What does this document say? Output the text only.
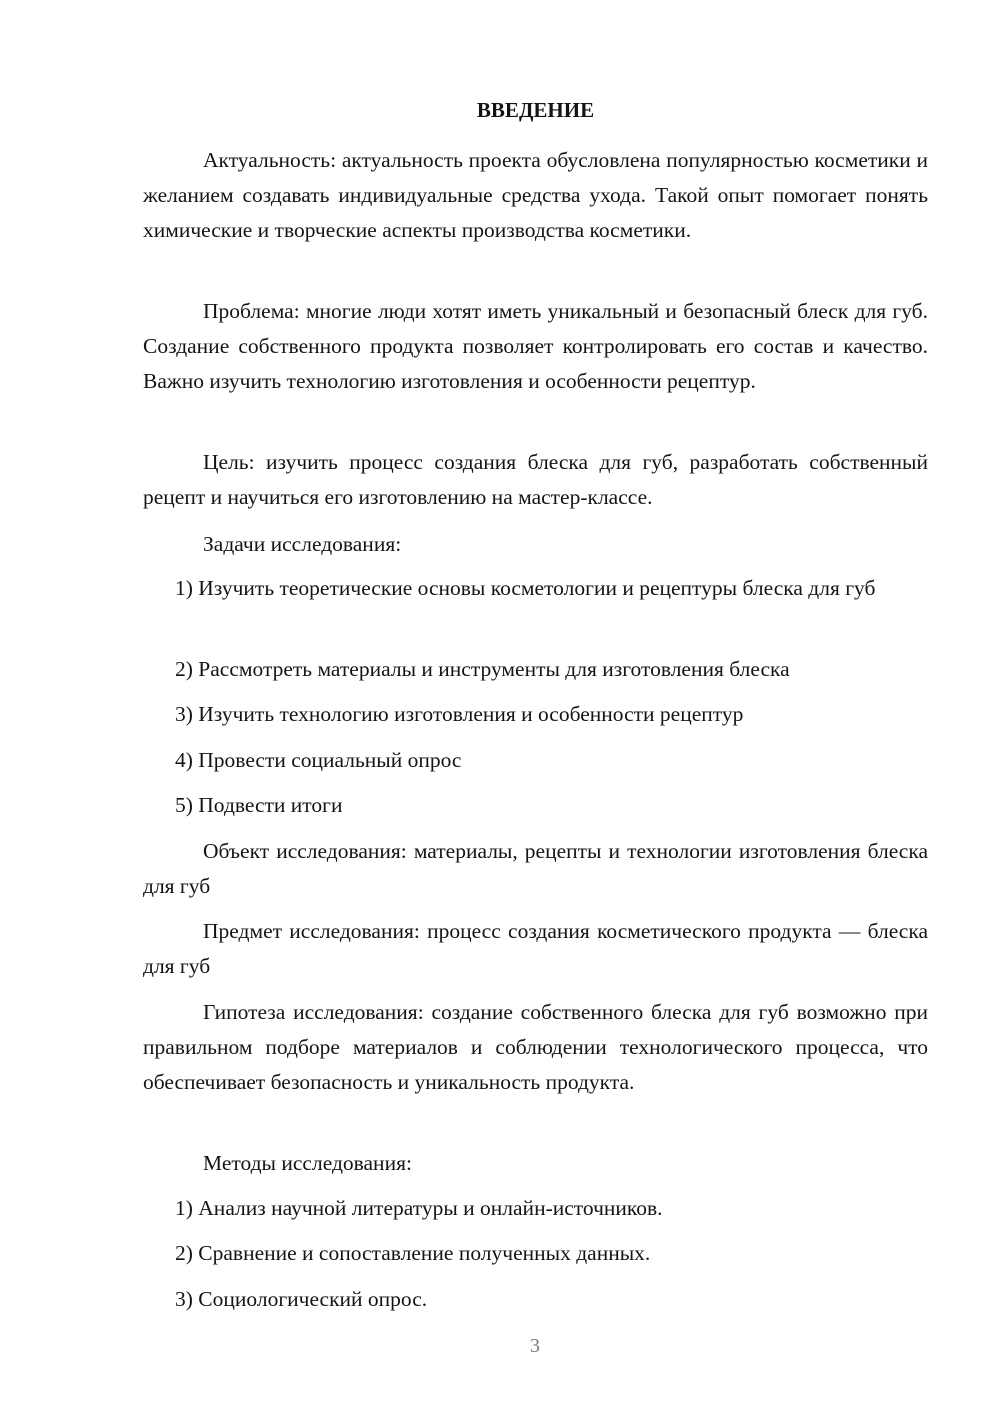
ВВЕДЕНИЕ

Актуальность: актуальность проекта обусловлена популярностью косметики и желанием создавать индивидуальные средства ухода. Такой опыт помогает понять химические и творческие аспекты производства косметики.

Проблема: многие люди хотят иметь уникальный и безопасный блеск для губ. Создание собственного продукта позволяет контролировать его состав и качество. Важно изучить технологию изготовления и особенности рецептур.

Цель: изучить процесс создания блеска для губ, разработать собственный рецепт и научиться его изготовлению на мастер-классе.

Задачи исследования:

1) Изучить теоретические основы косметологии и рецептуры блеска для губ

2) Рассмотреть материалы и инструменты для изготовления блеска

3) Изучить технологию изготовления и особенности рецептур

4) Провести социальный опрос

5) Подвести итоги

Объект исследования: материалы, рецепты и технологии изготовления блеска для губ

Предмет исследования: процесс создания косметического продукта — блеска для губ

Гипотеза исследования: создание собственного блеска для губ возможно при правильном подборе материалов и соблюдении технологического процесса, что обеспечивает безопасность и уникальность продукта.

Методы исследования:

1) Анализ научной литературы и онлайн-источников.

2) Сравнение и сопоставление полученных данных.

3) Социологический опрос.

3
